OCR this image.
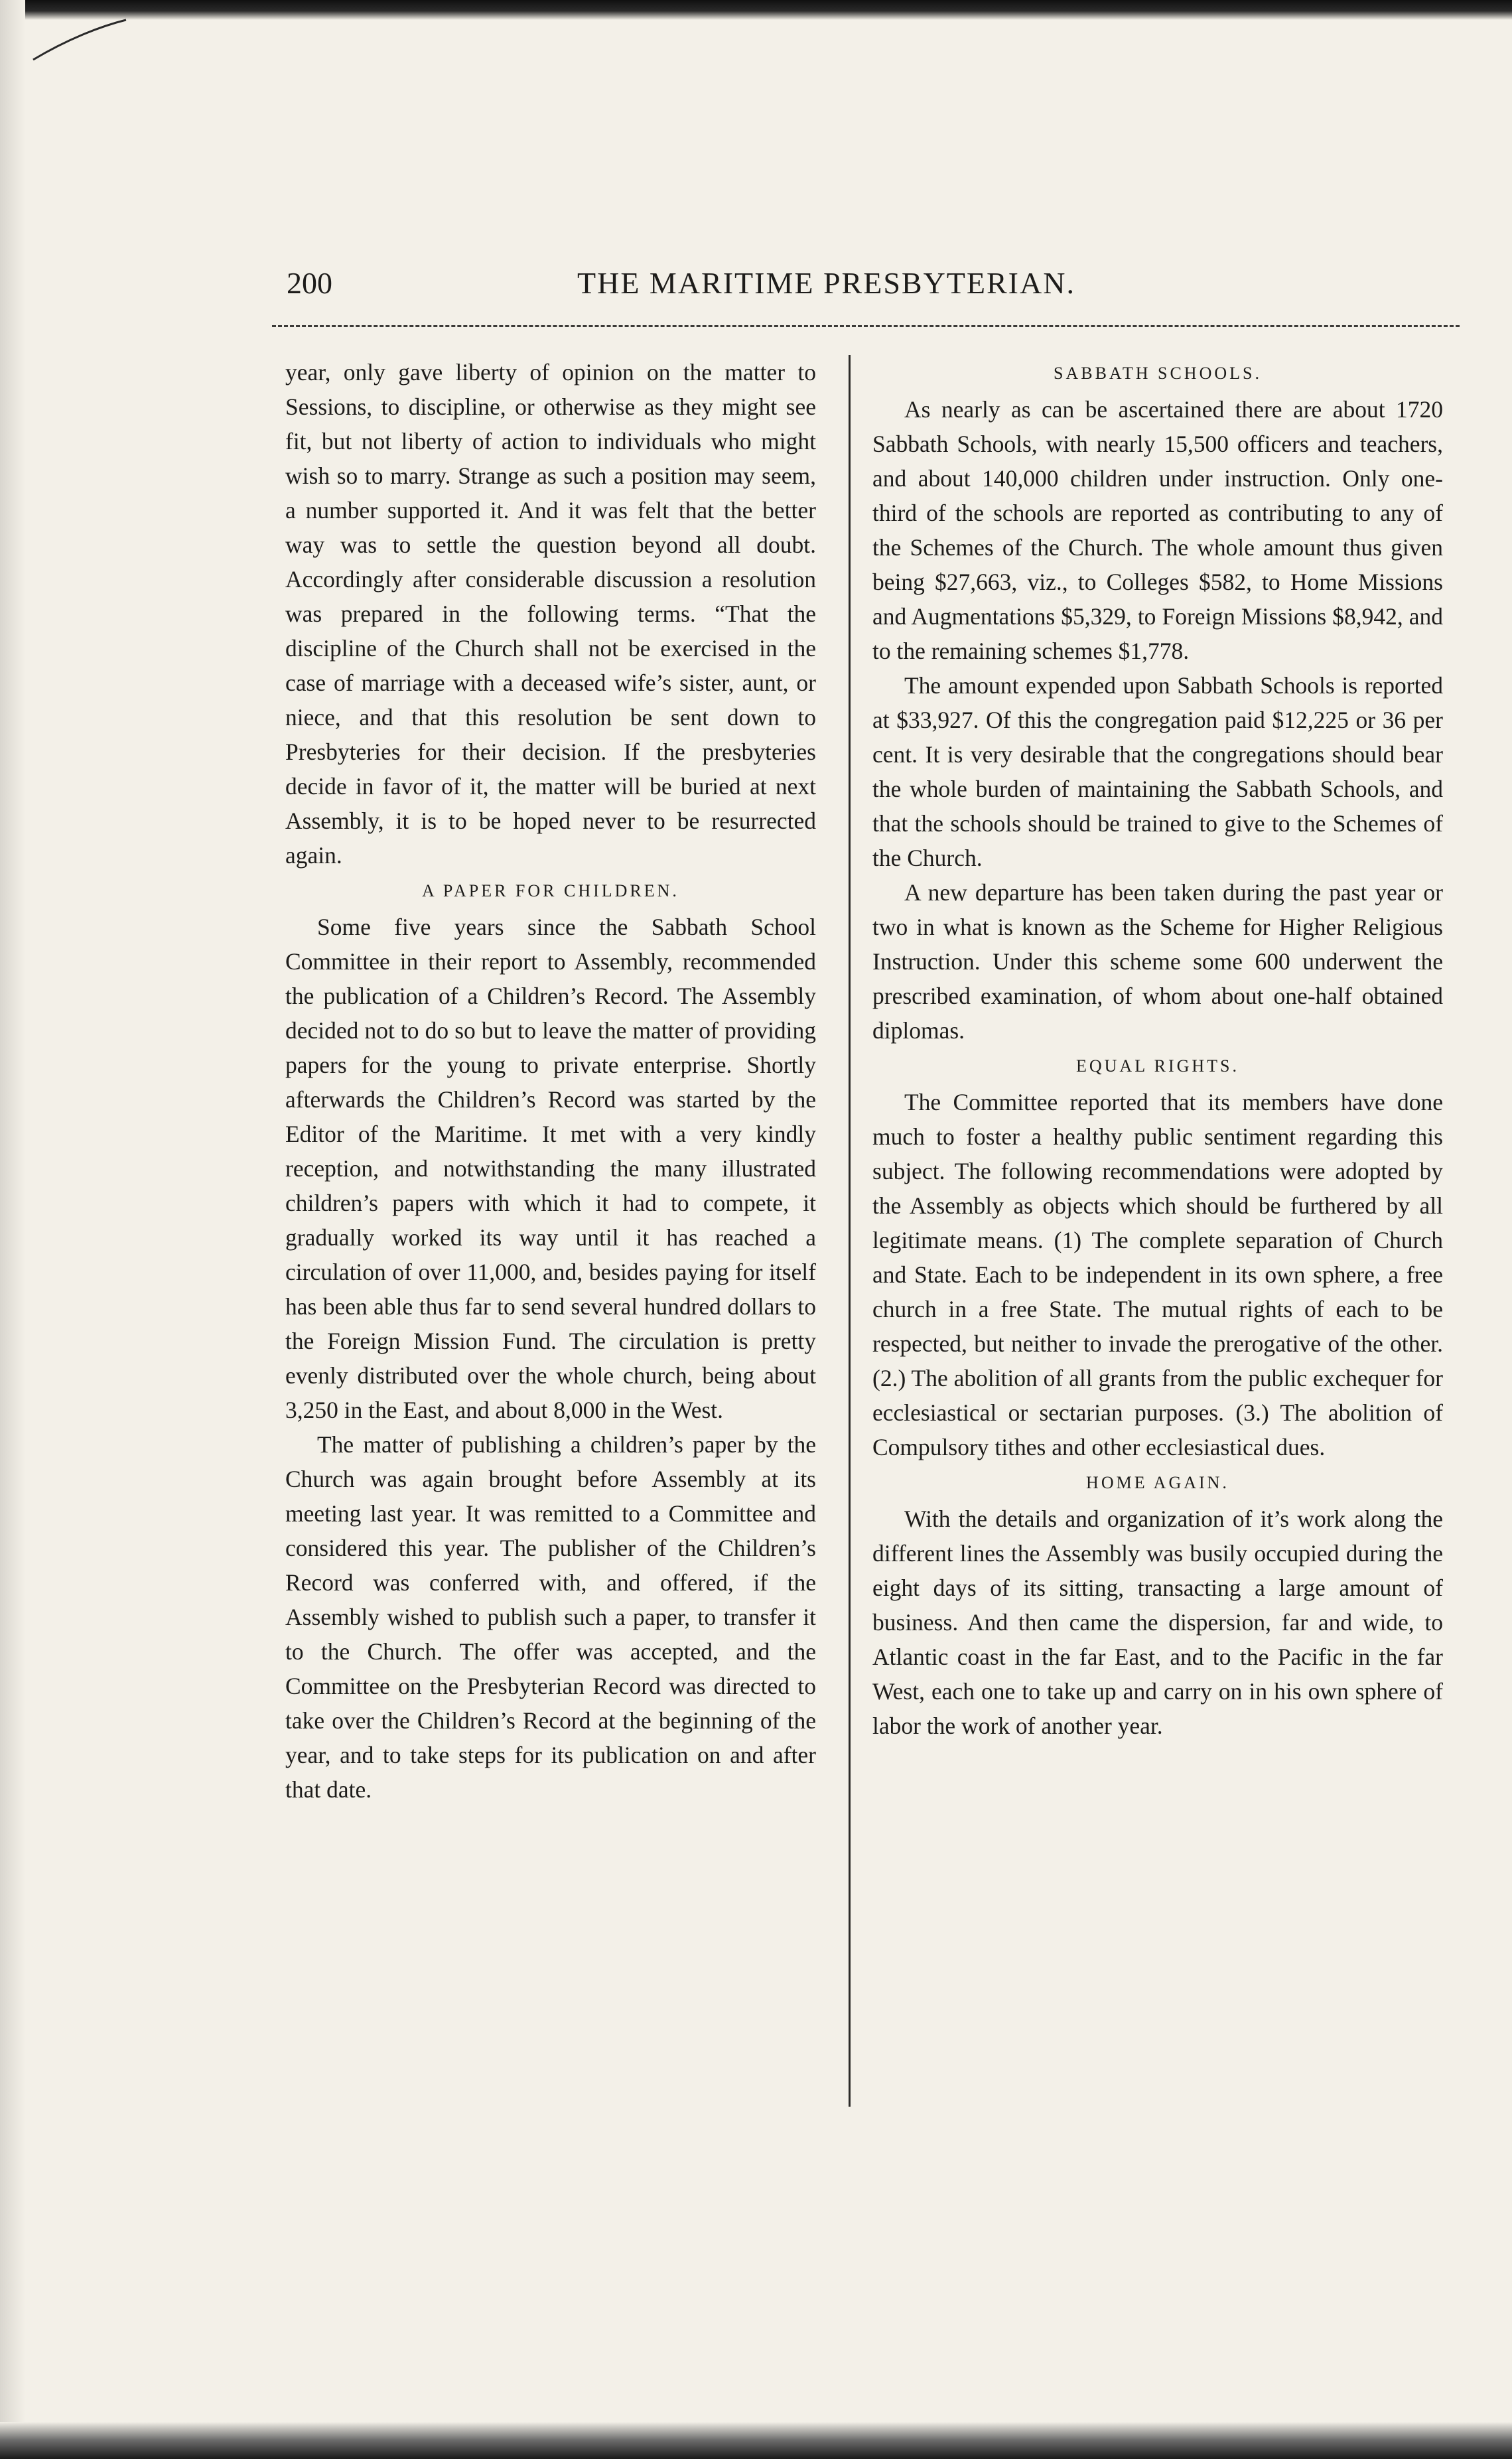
200	THE MARITIME PRESBYTERIAN.

year, only gave liberty of opinion on the matter to Sessions, to discipline, or otherwise as they might see fit, but not liberty of action to individuals who might wish so to marry. Strange as such a position may seem, a number supported it. And it was felt that the better way was to settle the question beyond all doubt. Accordingly after considerable discussion a resolution was prepared in the following terms. “That the discipline of the Church shall not be exercised in the case of marriage with a deceased wife’s sister, aunt, or niece, and that this resolution be sent down to Presbyteries for their decision. If the presbyteries decide in favor of it, the matter will be buried at next Assembly, it is to be hoped never to be resurrected again.

A PAPER FOR CHILDREN.

Some five years since the Sabbath School Committee in their report to Assembly, recommended the publication of a Children’s Record. The Assembly decided not to do so but to leave the matter of providing papers for the young to private enterprise. Shortly afterwards the Children’s Record was started by the Editor of the Maritime. It met with a very kindly reception, and notwithstanding the many illustrated children’s papers with which it had to compete, it gradually worked its way until it has reached a circulation of over 11,000, and, besides paying for itself has been able thus far to send several hundred dollars to the Foreign Mission Fund. The circulation is pretty evenly distributed over the whole church, being about 3,250 in the East, and about 8,000 in the West.

The matter of publishing a children’s paper by the Church was again brought before Assembly at its meeting last year. It was remitted to a Committee and considered this year. The publisher of the Children’s Record was conferred with, and offered, if the Assembly wished to publish such a paper, to transfer it to the Church. The offer was accepted, and the Committee on the Presbyterian Record was directed to take over the Children’s Record at the beginning of the year, and to take steps for its publication on and after that date.

SABBATH SCHOOLS.

As nearly as can be ascertained there are about 1720 Sabbath Schools, with nearly 15,500 officers and teachers, and about 140,000 children under instruction. Only one-third of the schools are reported as contributing to any of the Schemes of the Church. The whole amount thus given being $27,663, viz., to Colleges $582, to Home Missions and Augmentations $5,329, to Foreign Missions $8,942, and to the remaining schemes $1,778.

The amount expended upon Sabbath Schools is reported at $33,927. Of this the congregation paid $12,225 or 36 per cent. It is very desirable that the congregations should bear the whole burden of maintaining the Sabbath Schools, and that the schools should be trained to give to the Schemes of the Church.

A new departure has been taken during the past year or two in what is known as the Scheme for Higher Religious Instruction. Under this scheme some 600 underwent the prescribed examination, of whom about one-half obtained diplomas.

EQUAL RIGHTS.

The Committee reported that its members have done much to foster a healthy public sentiment regarding this subject. The following recommendations were adopted by the Assembly as objects which should be furthered by all legitimate means. (1) The complete separation of Church and State. Each to be independent in its own sphere, a free church in a free State. The mutual rights of each to be respected, but neither to invade the prerogative of the other. (2.) The abolition of all grants from the public exchequer for ecclesiastical or sectarian purposes. (3.) The abolition of Compulsory tithes and other ecclesiastical dues.

HOME AGAIN.

With the details and organization of it’s work along the different lines the Assembly was busily occupied during the eight days of its sitting, transacting a large amount of business. And then came the dispersion, far and wide, to Atlantic coast in the far East, and to the Pacific in the far West, each one to take up and carry on in his own sphere of labor the work of another year.
